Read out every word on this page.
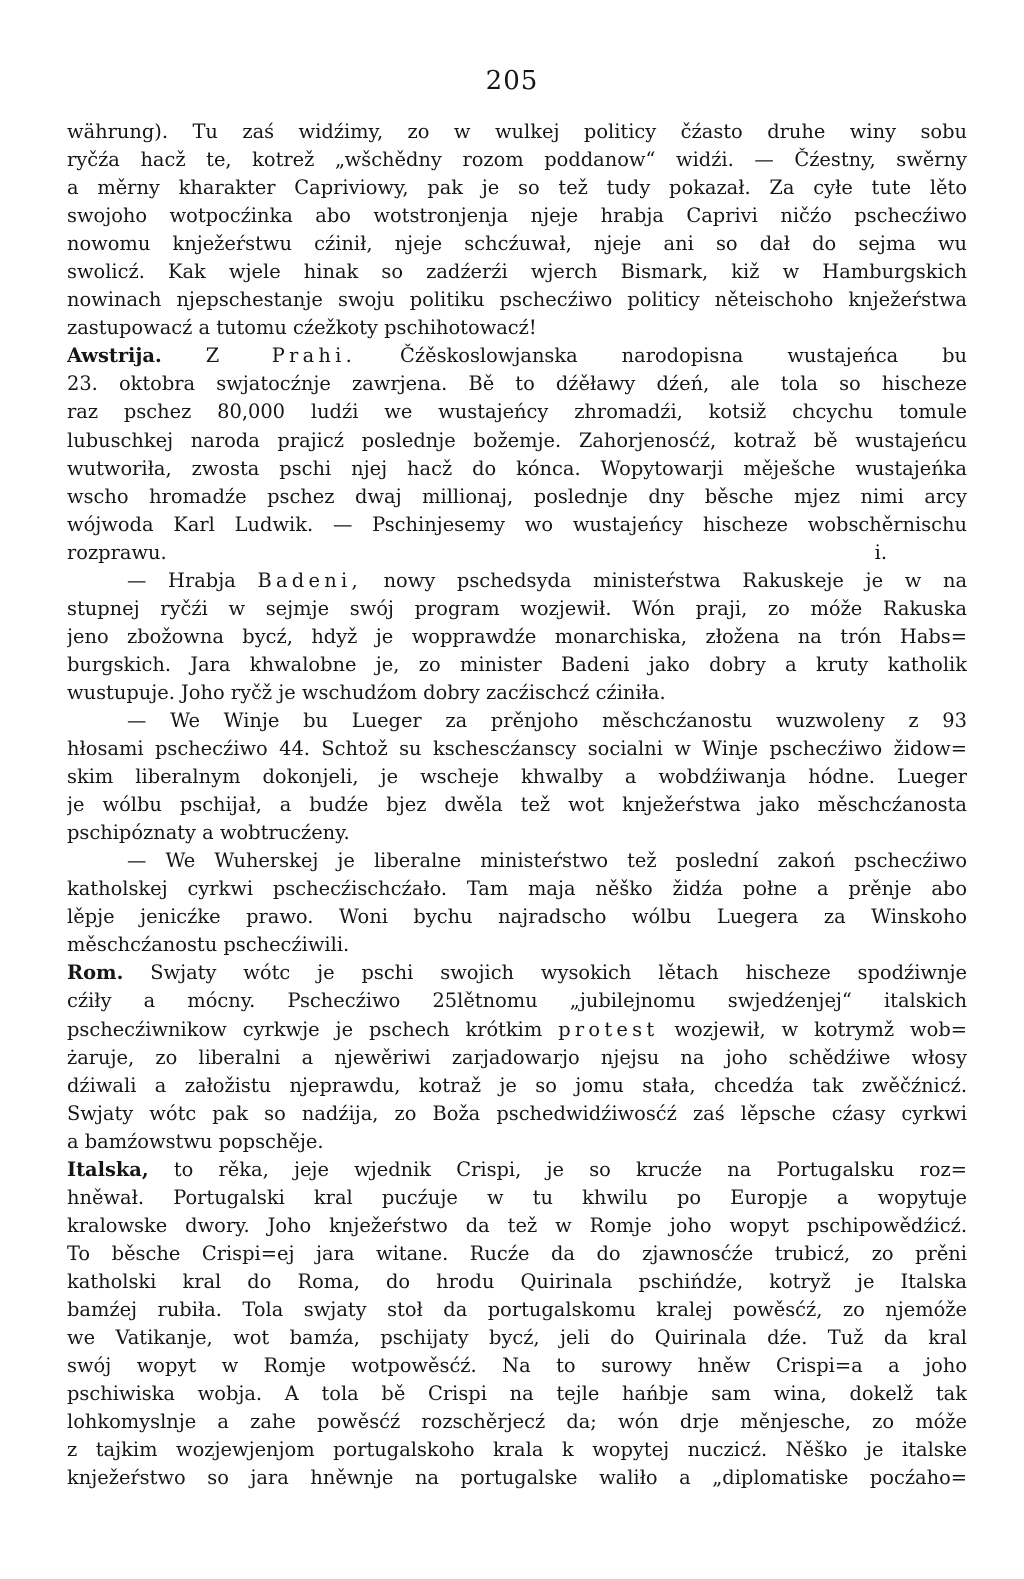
205
währung). Tu zaś widźimy, zo w wulkej politicy čźasto druhe winy sobu
ryčźa hacž te, kotrež „wšchědny rozom poddanow“ widźi. — Čźestny, swěrny
a měrny kharakter Capriviowy, pak je so tež tudy pokazał. Za cyłe tute lěto
swojoho wotpocźinka abo wotstronjenja njeje hrabja Caprivi ničźo pschecźiwo
nowomu knježeŕstwu cźinił, njeje schcźuwał, njeje ani so dał do sejma wu
swolicź. Kak wjele hinak so zadźerźi wjerch Bismark, kiž w Hamburgskich
nowinach njepschestanje swoju politiku pschecźiwo politicy něteischoho knježeŕstwa
zastupowacź a tutomu cźežkoty pschihotowacź!
Awstrija. Z Prahi. Čźěskoslowjanska narodopisna wustajeńca bu
23. oktobra swjatocźnje zawrjena. Bě to dźěławy dźeń, ale tola so hischeze
raz pschez 80,000 ludźi we wustajeńcy zhromadźi, kotsiž chcychu tomule
lubuschkej naroda prajicź poslednje božemje. Zahorjenosćź, kotraž bě wustajeńcu
wutworiła, zwosta pschi njej hacž do kónca. Wopytowarji měješche wustajeńka
wscho hromadźe pschez dwaj millionaj, poslednje dny běsche mjez nimi arcy
wójwoda Karl Ludwik. — Pschinjesemy wo wustajeńcy hischeze wobschěrnischu
rozprawu.	i.
— Hrabja Badeni, nowy pschedsyda ministeŕstwa Rakuskeje je w na
stupnej ryčźi w sejmje swój program wozjewił. Wón praji, zo móže Rakuska
jeno zbožowna bycź, hdyž je wopprawdźe monarchiska, złožena na trón Habs=
burgskich. Jara khwalobne je, zo minister Badeni jako dobry a kruty katholik
wustupuje. Joho ryčž je wschudźom dobry zacźischcź cźiniła.
— We Winje bu Lueger za prěnjoho měschcźanostu wuzwoleny z 93
hłosami pschecźiwo 44. Schtož su kschescźanscy socialni w Winje pschecźiwo židow=
skim liberalnym dokonjeli, je wscheje khwalby a wobdźiwanja hódne. Lueger
je wólbu pschijał, a budźe bjez dwěla tež wot knježeŕstwa jako měschcźanosta
pschipóznaty a wobtrucźeny.
— We Wuherskej je liberalne ministeŕstwo tež poslední zakoń pschecźiwo
katholskej cyrkwi pschecźischcźało. Tam maja něško židźa połne a prěnje abo
lěpje jenicźke prawo. Woni bychu najradscho wólbu Luegera za Winskoho
měschcźanostu pschecźiwili.
Rom. Swjaty wótc je pschi swojich wysokich lětach hischeze spodźiwnje
cźiły a mócny. Pschecźiwo 25lětnomu „jubilejnomu swjedźenjej“ italskich
pschecźiwnikow cyrkwje je pschech krótkim protest wozjewił, w kotrymž wob=
żaruje, zo liberalni a njewěriwi zarjadowarjo njejsu na joho schědźiwe włosy
dźiwali a załožistu njeprawdu, kotraž je so jomu stała, chcedźa tak zwěčźnicź.
Swjaty wótc pak so nadźija, zo Boža pschedwidźiwosćź zaś lěpsche cźasy cyrkwi
a bamźowstwu popschěje.
Italska, to rěka, jeje wjednik Crispi, je so krucźe na Portugalsku roz=
hněwał. Portugalski kral pucźuje w tu khwilu po Europje a wopytuje
kralowske dwory. Joho knježeŕstwo da tež w Romje joho wopyt pschipowědźicź.
To běsche Crispi=ej jara witane. Rucźe da do zjawnosćźe trubicź, zo prěni
katholski kral do Roma, do hrodu Quirinala pschińdźe, kotryž je Italska
bamźej rubiła. Tola swjaty stoł da portugalskomu kralej powěsćź, zo njemóže
we Vatikanje, wot bamźa, pschijaty bycź, jeli do Quirinala dźe. Tuž da kral
swój wopyt w Romje wotpowěsćź. Na to surowy hněw Crispi=a a joho
pschiwiska wobja. A tola bě Crispi na tejle hańbje sam wina, dokelž tak
lohkomyslnje a zahe powěsćź rozschěrjecź da; wón drje měnjesche, zo móže
z tajkim wozjewjenjom portugalskoho krala k wopytej nuczicź. Něško je italske
knježeŕstwo so jara hněwnje na portugalske waliło a „diplomatiske pocźaho=
